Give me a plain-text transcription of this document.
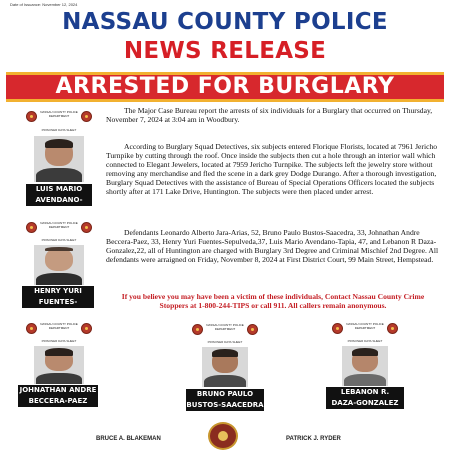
Date of Issuance: November 12, 2024
NASSAU COUNTY POLICE
NEWS RELEASE
ARRESTED FOR BURGLARY
NASSAU COUNTY POLICE DEPARTMENT
PRISONER DATA SHEET
LUIS MARIO
AVENDANO-TAPIA
NASSAU COUNTY POLICE DEPARTMENT
PRISONER DATA SHEET
HENRY YURI
FUENTES-SEPULVEDA

The Major Case Bureau report the arrests of six individuals for a Burglary that occurred on Thursday, November 7, 2024 at 3:04 am in Woodbury.

According to Burglary Squad Detectives, six subjects entered Florique Florists, located at 7961 Jericho Turnpike by cutting through the roof. Once inside the subjects then cut a hole through an interior wall which connected to Elegant Jewelers, located at 7959 Jericho Turnpike. The subjects left the jewelry store without removing any merchandise and fled the scene in a dark grey Dodge Durango. After a thorough investigation, Burglary Squad Detectives with the assistance of Bureau of Special Operations Officers located the subjects shortly after at 171 Lake Drive, Huntington. The subjects were then placed under arrest.

Defendants Leonardo Alberto Jara-Arias, 52, Bruno Paulo Bustos-Saacedra, 33, Johnathan Andre Beccera-Paez, 33, Henry Yuri Fuentes-Sepulveda,37, Luis Mario Avendano-Tapia, 47, and Lebanon R Daza-Gonzalez,22, all of Huntington are charged with Burglary 3rd Degree and Criminal Mischief 2nd Degree. All defendants were arraigned on Friday, November 8, 2024 at First District Court, 99 Main Street, Hempstead.

If you believe you may have been a victim of these individuals, Contact Nassau County Crime Stoppers at 1-800-244-TIPS or call 911. All callers remain anonymous.

NASSAU COUNTY POLICE DEPARTMENT
PRISONER DATA SHEET
JOHNATHAN ANDRE
BECCERA-PAEZ
NASSAU COUNTY POLICE DEPARTMENT
PRISONER DATA SHEET
BRUNO PAULO
BUSTOS-SAACEDRA
NASSAU COUNTY POLICE DEPARTMENT
PRISONER DATA SHEET
LEBANON R.
DAZA-GONZALEZ
BRUCE A. BLAKEMAN	PATRICK J. RYDER
